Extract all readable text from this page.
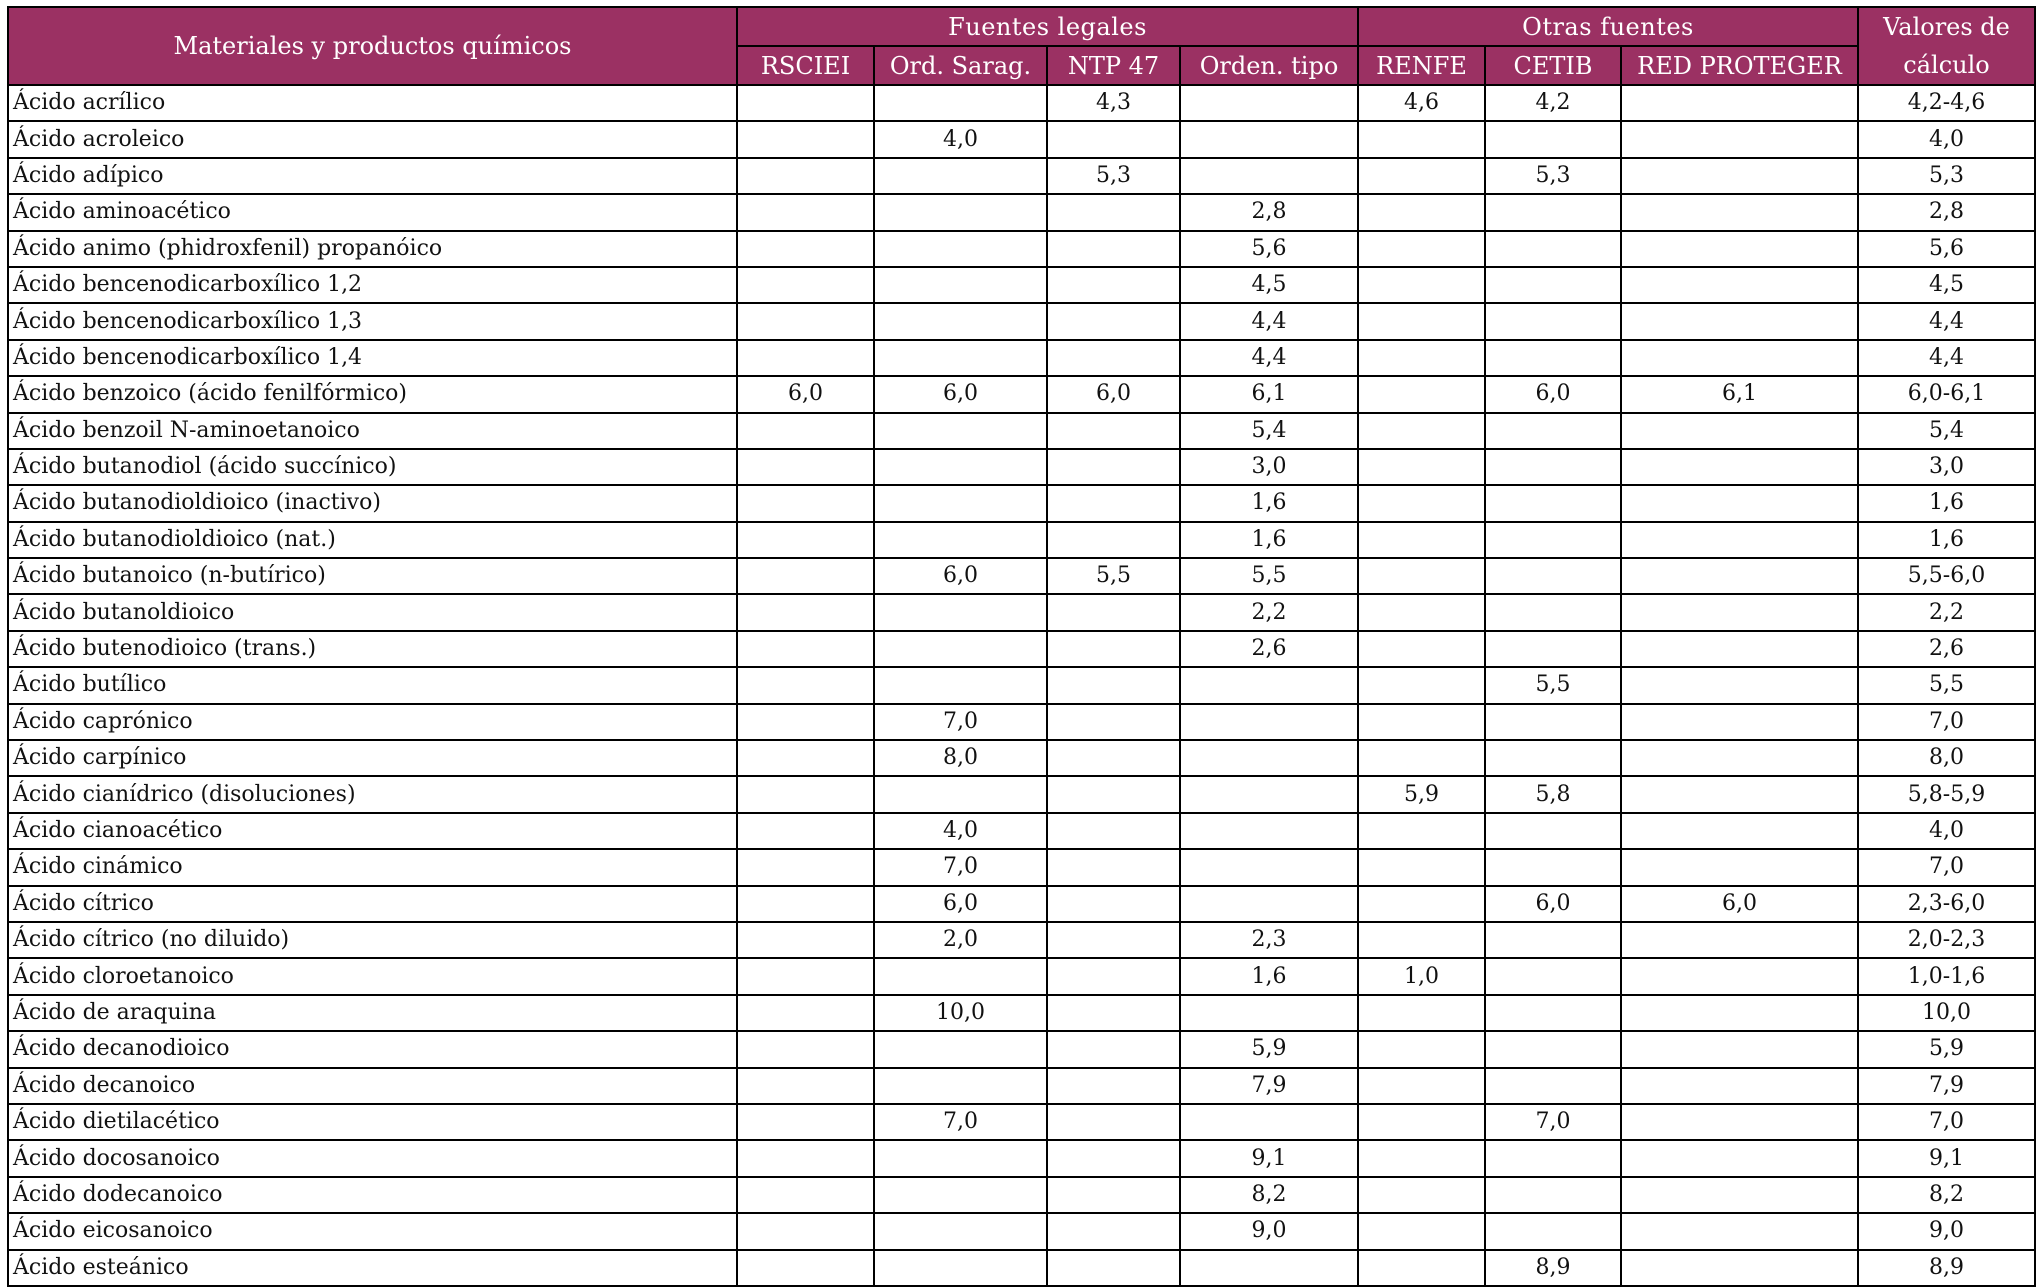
Materiales y productos químicos	Fuentes legales				Otras fuentes			Valores de
cálculo
	RSCIEI	Ord. Sarag.	NTP 47	Orden. tipo	RENFE	CETIB	RED PROTEGER	
Ácido acrílico			4,3		4,6	4,2		4,2-4,6
Ácido acroleico		4,0						4,0
Ácido adípico			5,3			5,3		5,3
Ácido aminoacético				2,8				2,8
Ácido animo (phidroxfenil) propanóico				5,6				5,6
Ácido bencenodicarboxílico 1,2				4,5				4,5
Ácido bencenodicarboxílico 1,3				4,4				4,4
Ácido bencenodicarboxílico 1,4				4,4				4,4
Ácido benzoico (ácido fenilfórmico)	6,0	6,0	6,0	6,1		6,0	6,1	6,0-6,1
Ácido benzoil N-aminoetanoico				5,4				5,4
Ácido butanodiol (ácido succínico)				3,0				3,0
Ácido butanodioldioico (inactivo)				1,6				1,6
Ácido butanodioldioico (nat.)				1,6				1,6
Ácido butanoico (n-butírico)		6,0	5,5	5,5				5,5-6,0
Ácido butanoldioico				2,2				2,2
Ácido butenodioico (trans.)				2,6				2,6
Ácido butílico						5,5		5,5
Ácido caprónico		7,0						7,0
Ácido carpínico		8,0						8,0
Ácido cianídrico (disoluciones)					5,9	5,8		5,8-5,9
Ácido cianoacético		4,0						4,0
Ácido cinámico		7,0						7,0
Ácido cítrico		6,0				6,0	6,0	2,3-6,0
Ácido cítrico (no diluido)		2,0		2,3				2,0-2,3
Ácido cloroetanoico				1,6	1,0			1,0-1,6
Ácido de araquina		10,0						10,0
Ácido decanodioico				5,9				5,9
Ácido decanoico				7,9				7,9
Ácido dietilacético		7,0				7,0		7,0
Ácido docosanoico				9,1				9,1
Ácido dodecanoico				8,2				8,2
Ácido eicosanoico				9,0				9,0
Ácido esteánico						8,9		8,9
